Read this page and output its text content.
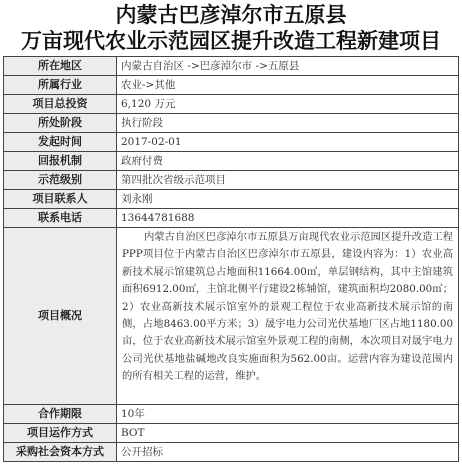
内蒙古巴彦淖尔市五原县
万亩现代农业示范园区提升改造工程新建项目
所在地区	内蒙古自治区 ->巴彦淖尔市 ->五原县
所属行业	农业->其他
项目总投资	6,120 万元
所处阶段	执行阶段
发起时间	2017-02-01
回报机制	政府付费
示范级别	第四批次省级示范项目
项目联系人	刘永刚
联系电话	13644781688
项目概况	内蒙古自治区巴彦淖尔市五原县万亩现代农业示范园区提升改造工程PPP项目位于内蒙古自治区巴彦淖尔市五原县，建设内容为：1）农业高新技术展示馆建筑总占地面积11664.00㎡，单层钢结构，其中主馆建筑面积6912.00㎡，主馆北侧平行建设2栋辅馆，建筑面积均2080.00㎡；2）农业高新技术展示馆室外的景观工程位于农业高新技术展示馆的南侧，占地8463.00平方米；3）晟宇电力公司光伏基地厂区占地1180.00亩，位于农业高新技术展示馆室外景观工程的南侧，本次项目对晟宇电力公司光伏基地盐碱地改良实施面积为562.00亩。运营内容为建设范围内的所有相关工程的运营，维护。
合作期限	10年
项目运作方式	BOT
采购社会资本方式	公开招标
